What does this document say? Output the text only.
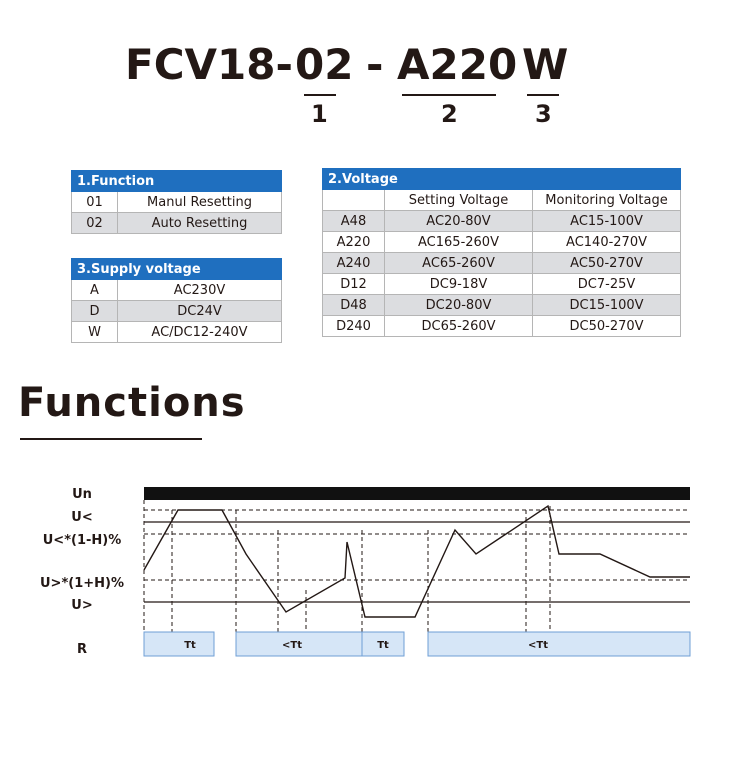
FCV18- 02 - A220 W
1	2	3
1.Function	
01	Manul Resetting
02	Auto Resetting
3.Supply voltage	
A	AC230V
D	DC24V
W	AC/DC12-240V
2.Voltage		
	Setting Voltage	Monitoring Voltage
A48	AC20-80V	AC15-100V
A220	AC165-260V	AC140-270V
A240	AC65-260V	AC50-270V
D12	DC9-18V	DC7-25V
D48	DC20-80V	DC15-100V
D240	DC65-260V	DC50-270V
Functions
Un
U<
U<*(1-H)%
U>*(1+H)%
U>
R	Tt	<Tt	Tt	<Tt
